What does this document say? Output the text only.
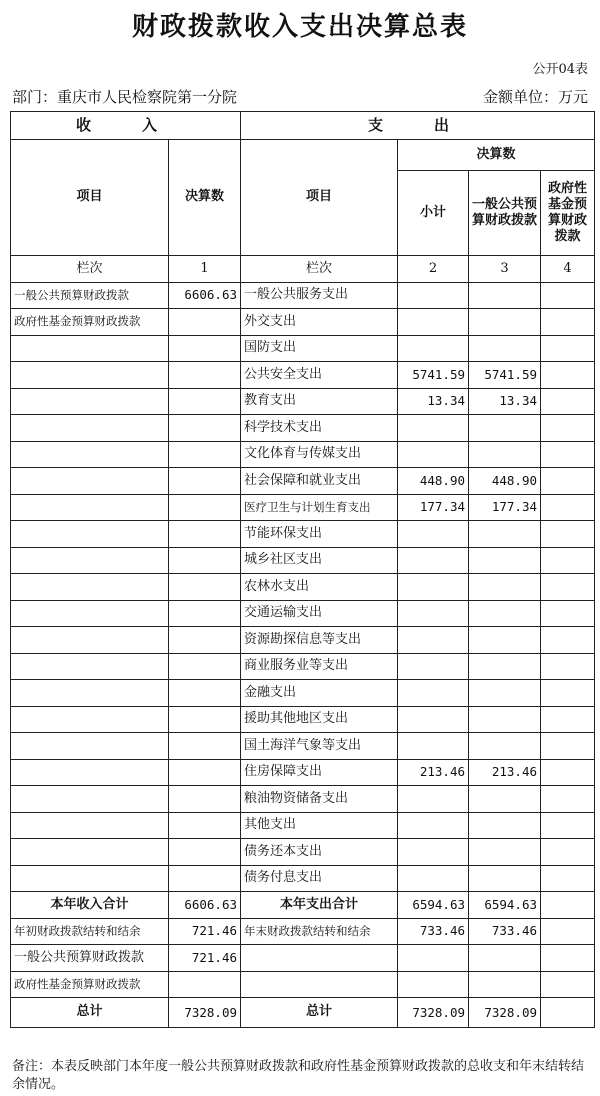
财政拨款收入支出决算总表
公开04表
部门：重庆市人民检察院第一分院	金额单位：万元
收　入		支　出			
项目	决算数	项目	决算数		
			小计	一般公共预算财政拨款	政府性基金预算财政拨款
栏次	1	栏次	2	3	4
一般公共预算财政拨款	6606.63	一般公共服务支出			
政府性基金预算财政拨款		外交支出			
		国防支出			
		公共安全支出	5741.59	5741.59	
		教育支出	13.34	13.34	
		科学技术支出			
		文化体育与传媒支出			
		社会保障和就业支出	448.90	448.90	
		医疗卫生与计划生育支出	177.34	177.34	
		节能环保支出			
		城乡社区支出			
		农林水支出			
		交通运输支出			
		资源勘探信息等支出			
		商业服务业等支出			
		金融支出			
		援助其他地区支出			
		国土海洋气象等支出			
		住房保障支出	213.46	213.46	
		粮油物资储备支出			
		其他支出			
		债务还本支出			
		债务付息支出			
本年收入合计	6606.63	本年支出合计	6594.63	6594.63	
年初财政拨款结转和结余	721.46	年末财政拨款结转和结余	733.46	733.46	
一般公共预算财政拨款	721.46				
政府性基金预算财政拨款					
总计	7328.09	总计	7328.09	7328.09	
备注：本表反映部门本年度一般公共预算财政拨款和政府性基金预算财政拨款的总收支和年末结转结余情况。
